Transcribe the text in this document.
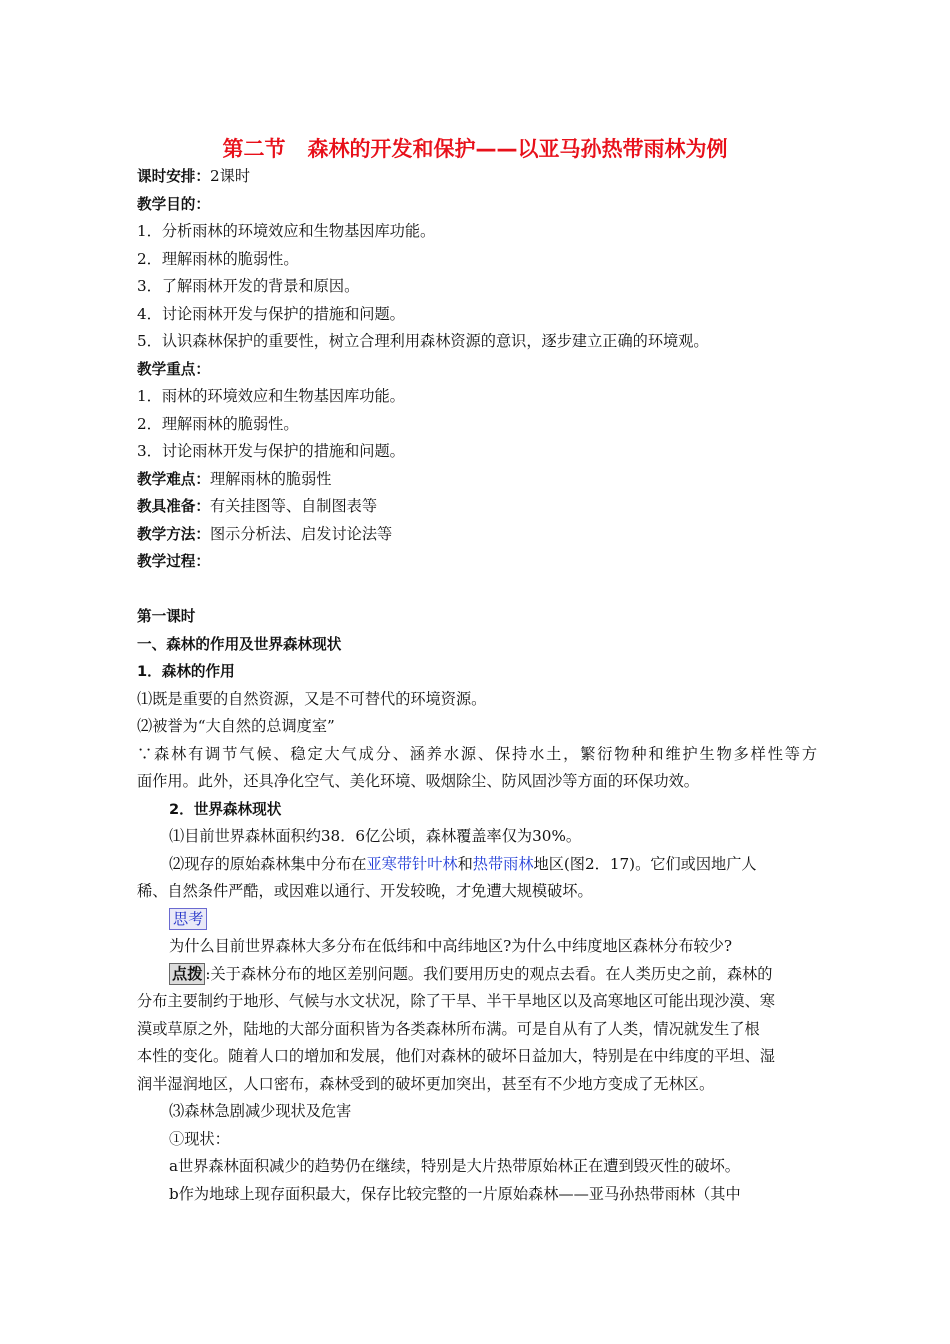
第二节 森林的开发和保护——以亚马孙热带雨林为例
课时安排：2课时
教学目的：
1．分析雨林的环境效应和生物基因库功能。
2．理解雨林的脆弱性。
3．了解雨林开发的背景和原因。
4．讨论雨林开发与保护的措施和问题。
5．认识森林保护的重要性，树立合理利用森林资源的意识，逐步建立正确的环境观。
教学重点：
1．雨林的环境效应和生物基因库功能。
2．理解雨林的脆弱性。
3．讨论雨林开发与保护的措施和问题。
教学难点：理解雨林的脆弱性
教具准备：有关挂图等、自制图表等
教学方法：图示分析法、启发讨论法等
教学过程：
第一课时
一、森林的作用及世界森林现状
1．森林的作用
⑴既是重要的自然资源，又是不可替代的环境资源。
⑵被誉为“大自然的总调度室”
∵森林有调节气候、稳定大气成分、涵养水源、保持水土，繁衍物种和维护生物多样性等方
面作用。此外，还具净化空气、美化环境、吸烟除尘、防风固沙等方面的环保功效。
2．世界森林现状
⑴目前世界森林面积约38．6亿公顷，森林覆盖率仅为30%。
⑵现存的原始森林集中分布在亚寒带针叶林和热带雨林地区(图2．17)。它们或因地广人
稀、自然条件严酷，或因难以通行、开发较晚，才免遭大规模破坏。
思考
为什么目前世界森林大多分布在低纬和中高纬地区?为什么中纬度地区森林分布较少?
点拨 :关于森林分布的地区差别问题。我们要用历史的观点去看。在人类历史之前，森林的
分布主要制约于地形、气候与水文状况，除了干旱、半干旱地区以及高寒地区可能出现沙漠、寒
漠或草原之外，陆地的大部分面积皆为各类森林所布满。可是自从有了人类，情况就发生了根
本性的变化。随着人口的增加和发展，他们对森林的破坏日益加大，特别是在中纬度的平坦、湿
润半湿润地区，人口密布，森林受到的破坏更加突出，甚至有不少地方变成了无林区。
⑶森林急剧减少现状及危害
①现状：
a世界森林面积减少的趋势仍在继续，特别是大片热带原始林正在遭到毁灭性的破坏。
b作为地球上现存面积最大，保存比较完整的一片原始森林——亚马孙热带雨林（其中
